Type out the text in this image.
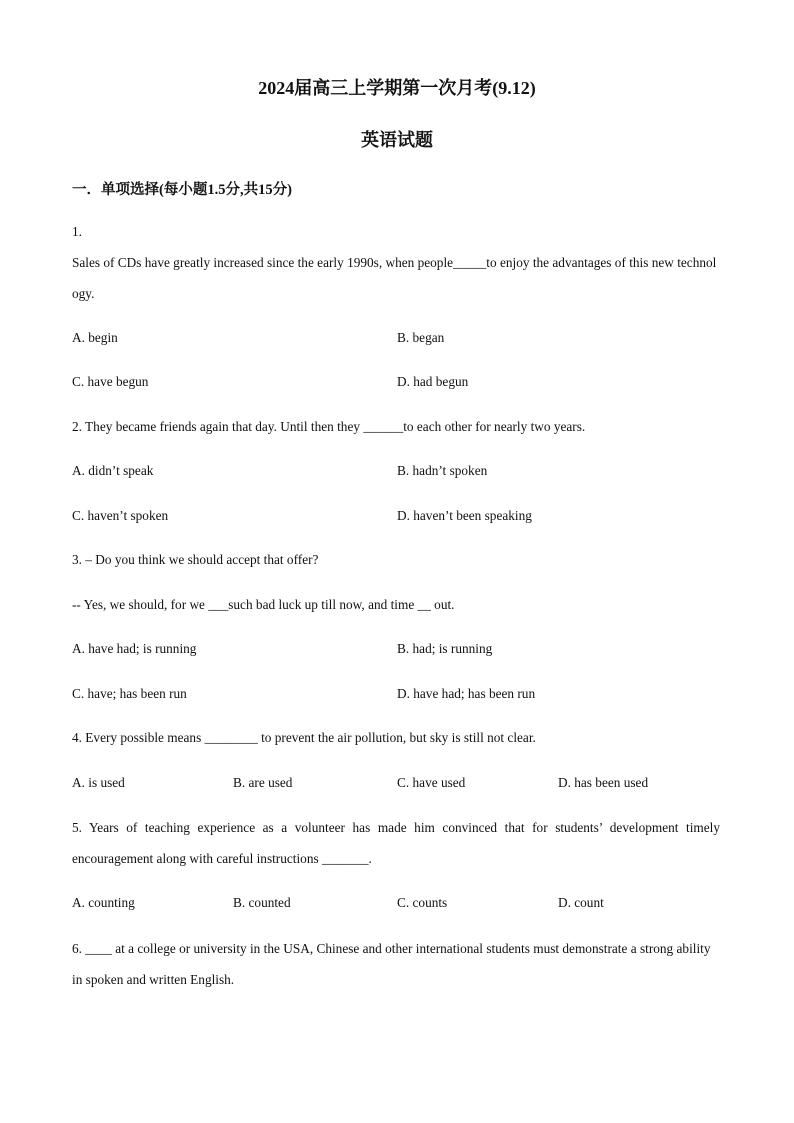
2024届高三上学期第一次月考(9.12)
英语试题
一．单项选择(每小题1.5分,共15分)
1.
Sales of CDs have greatly increased since the early 1990s, when people_____to enjoy the advantages of this new technology.
A. begin	B. began
C. have begun	D. had begun
2. They became friends again that day. Until then they ______to each other for nearly two years.
A. didn’t speak	B. hadn’t spoken
C. haven’t spoken	D. haven’t been speaking
3. – Do you think we should accept that offer?
-- Yes, we should, for we ___such bad luck up till now, and time __ out.
A. have had; is running	B. had; is running
C. have; has been run	D. have had; has been run
4. Every possible means ________ to prevent the air pollution, but sky is still not clear.
A. is used	B. are used	C. have used	D. has been used
5. Years of teaching experience as a volunteer has made him convinced that for students’ development timely encouragement along with careful instructions _______.
A. counting	B. counted	C. counts	D. count
6. ____ at a college or university in the USA, Chinese and other international students must demonstrate a strong ability in spoken and written English.
